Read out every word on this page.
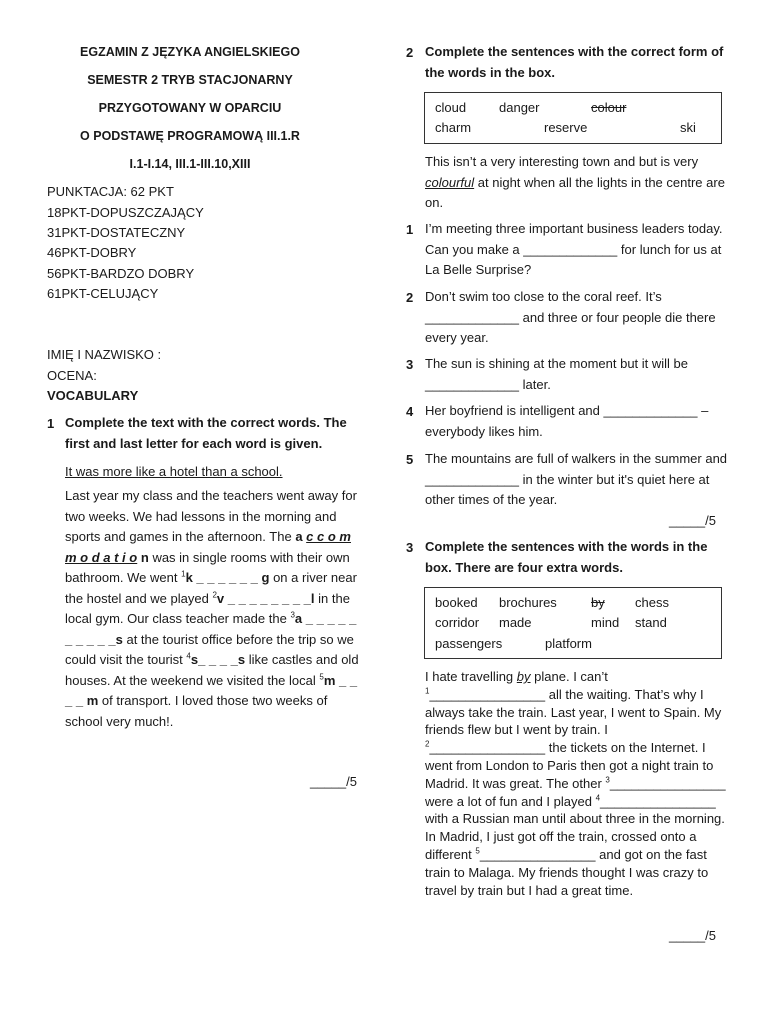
EGZAMIN Z JĘZYKA ANGIELSKIEGO

SEMESTR 2 TRYB STACJONARNY

PRZYGOTOWANY W OPARCIU

O PODSTAWĘ PROGRAMOWĄ III.1.R

I.1-I.14, III.1-III.10,XIII

PUNKTACJA: 62 PKT

18PKT-DOPUSZCZAJĄCY

31PKT-DOSTATECZNY

46PKT-DOBRY

56PKT-BARDZO DOBRY

61PKT-CELUJĄCY

IMIĘ I NAZWISKO :

OCENA:

VOCABULARY

1 Complete the text with the correct words. The first and last letter for each word is given.

It was more like a hotel than a school.

Last year my class and the teachers went away for two weeks. We had lessons in the morning and sports and games in the afternoon. The a c c o m m o d a t i o n was in single rooms with their own bathroom. We went $^1$k _ _ _ _ _ _ g on a river near the hostel and we played $^2$v _ _ _ _ _ _ _ _l in the local gym. Our class teacher made the $^3$a _ _ _ _ _ _ _ _ _ _s at the tourist office before the trip so we could visit the tourist $^4$s_ _ _ _s like castles and old houses. At the weekend we visited the local $^5$m _ _ _ _ m of transport. I loved those two weeks of school very much!.

_____/5
2 Complete the sentences with the correct form of the words in the box.

cloud	danger	colour
charm	reserve	ski

This isn’t a very interesting town and but is very colourful at night when all the lights in the centre are on.

1 I’m meeting three important business leaders today. Can you make a _____________ for lunch for us at La Belle Surprise?

2 Don’t swim too close to the coral reef. It’s _____________ and three or four people die there every year.

3 The sun is shining at the moment but it will be _____________ later.

4 Her boyfriend is intelligent and _____________ – everybody likes him.

5 The mountains are full of walkers in the summer and _____________ in the winter but it's quiet here at other times of the year.

_____/5
3 Complete the sentences with the words in the box. There are four extra words.

booked brochures	by chess
corridor made	mind stand
passengers	platform

I hate travelling by plane. I can’t $^1$________________ all the waiting. That’s why I always take the train. Last year, I went to Spain. My friends flew but I went by train. I $^2$________________ the tickets on the Internet. I went from London to Paris then got a night train to Madrid. It was great. The other $^3$________________ were a lot of fun and I played $^4$________________ with a Russian man until about three in the morning. In Madrid, I just got off the train, crossed onto a different $^5$________________ and got on the fast train to Malaga. My friends thought I was crazy to travel by train but I had a great time.

_____/5
